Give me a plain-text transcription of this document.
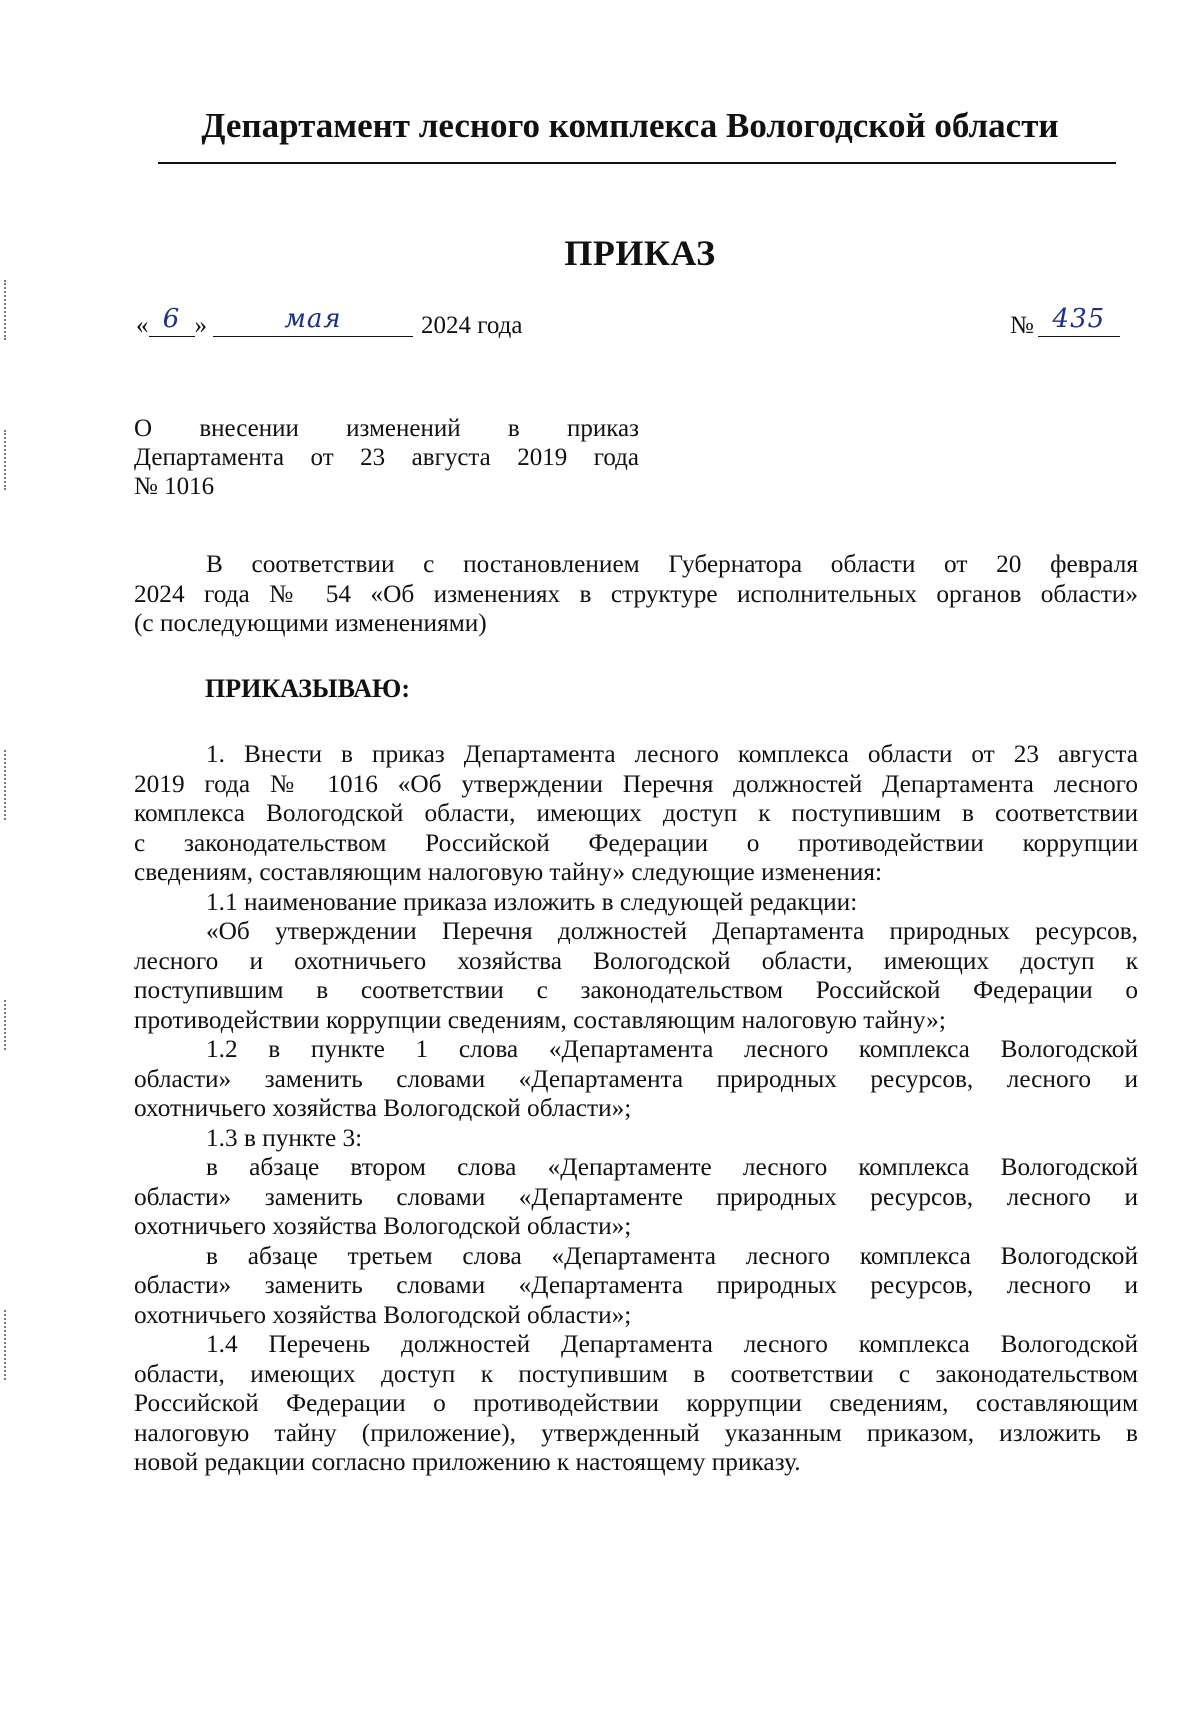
Департамент лесного комплекса Вологодской области
ПРИКАЗ
« 6 »	мая	2024 года	№ 435
О внесении изменений в приказ
Департамента от 23 августа 2019 года
№ 1016
В соответствии с постановлением Губернатора области от 20 февраля
2024 года № 54 «Об изменениях в структуре исполнительных органов области»
(с последующими изменениями)
ПРИКАЗЫВАЮ:
1. Внести в приказ Департамента лесного комплекса области от 23 августа
2019 года № 1016 «Об утверждении Перечня должностей Департамента лесного
комплекса Вологодской области, имеющих доступ к поступившим в соответствии
с законодательством Российской Федерации о противодействии коррупции
сведениям, составляющим налоговую тайну» следующие изменения:
1.1 наименование приказа изложить в следующей редакции:
«Об утверждении Перечня должностей Департамента природных ресурсов,
лесного и охотничьего хозяйства Вологодской области, имеющих доступ к
поступившим в соответствии с законодательством Российской Федерации о
противодействии коррупции сведениям, составляющим налоговую тайну»;
1.2 в пункте 1 слова «Департамента лесного комплекса Вологодской
области» заменить словами «Департамента природных ресурсов, лесного и
охотничьего хозяйства Вологодской области»;
1.3 в пункте 3:
в абзаце втором слова «Департаменте лесного комплекса Вологодской
области» заменить словами «Департаменте природных ресурсов, лесного и
охотничьего хозяйства Вологодской области»;
в абзаце третьем слова «Департамента лесного комплекса Вологодской
области» заменить словами «Департамента природных ресурсов, лесного и
охотничьего хозяйства Вологодской области»;
1.4 Перечень должностей Департамента лесного комплекса Вологодской
области, имеющих доступ к поступившим в соответствии с законодательством
Российской Федерации о противодействии коррупции сведениям, составляющим
налоговую тайну (приложение), утвержденный указанным приказом, изложить в
новой редакции согласно приложению к настоящему приказу.
